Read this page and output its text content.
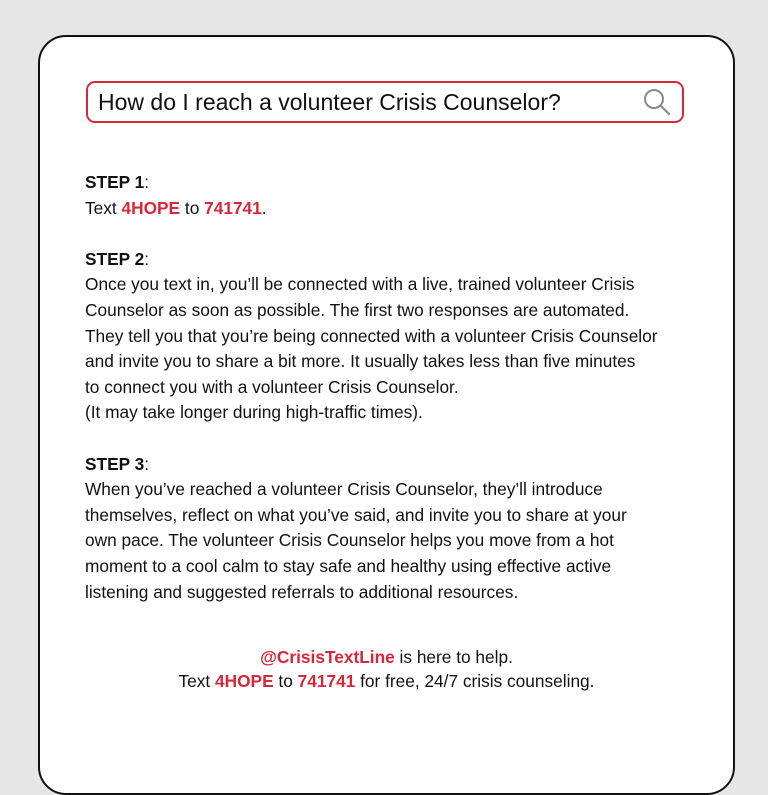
How do I reach a volunteer Crisis Counselor?
STEP 1:
Text 4HOPE to 741741.
STEP 2:
Once you text in, you’ll be connected with a live, trained volunteer Crisis
Counselor as soon as possible. The first two responses are automated.
They tell you that you’re being connected with a volunteer Crisis Counselor
and invite you to share a bit more. It usually takes less than five minutes
to connect you with a volunteer Crisis Counselor.
(It may take longer during high-traffic times).
STEP 3:
When you’ve reached a volunteer Crisis Counselor, they’ll introduce
themselves, reflect on what you’ve said, and invite you to share at your
own pace. The volunteer Crisis Counselor helps you move from a hot
moment to a cool calm to stay safe and healthy using effective active
listening and suggested referrals to additional resources.
@CrisisTextLine is here to help.
Text 4HOPE to 741741 for free, 24/7 crisis counseling.
